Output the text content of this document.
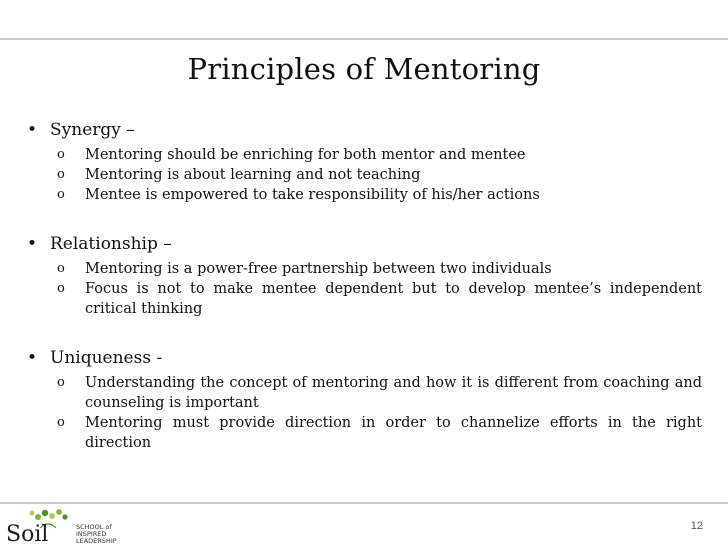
Principles of Mentoring
• Synergy –
o	Mentoring should be enriching for both mentor and mentee
o	Mentoring is about learning and not teaching
o	Mentee is empowered to take responsibility of his/her actions
• Relationship –
o	Mentoring is a power-free partnership between two individuals
o	Focus is not to make mentee dependent but to develop mentee’s independent critical thinking
• Uniqueness -
o	Understanding the concept of mentoring and how it is different from coaching and counseling is important
o	Mentoring must provide direction in order to channelize efforts in the right direction
Soil	SCHOOL of
INSPIRED
LEADERSHIP
12
